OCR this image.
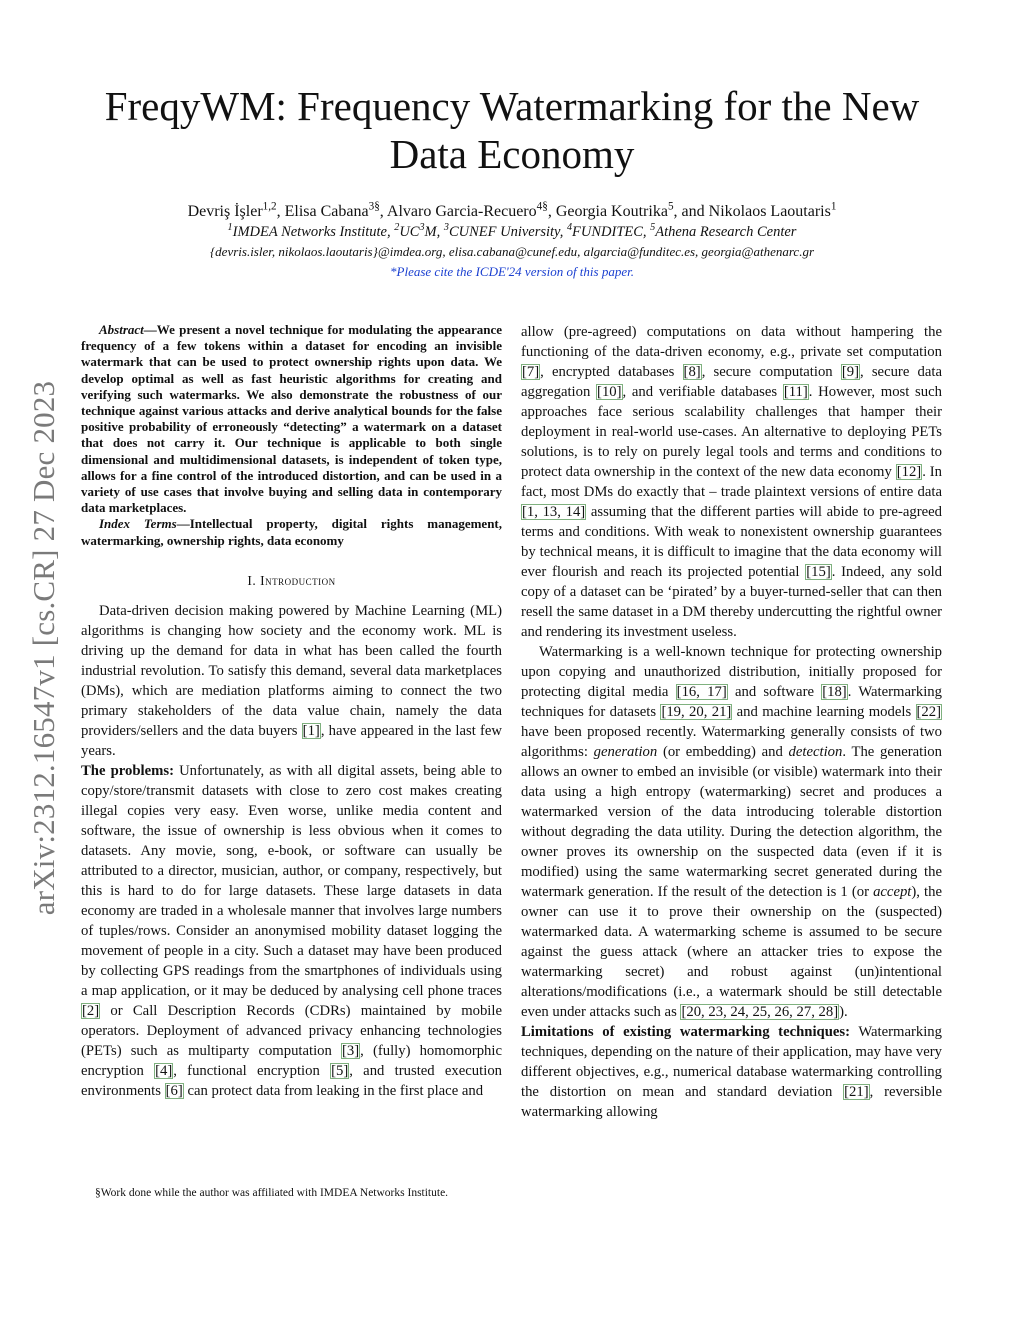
arXiv:2312.16547v1 [cs.CR] 27 Dec 2023
FreqyWM: Frequency Watermarking for the New Data Economy
Devriş İşler$^{1,2}$, Elisa Cabana$^{3\S}$, Alvaro Garcia-Recuero$^{4\S}$, Georgia Koutrika$^5$, and Nikolaos Laoutaris$^1$
$^1$IMDEA Networks Institute, $^2UC^3M$, $^3$CUNEF University, $^4$FUNDITEC, $^5$Athena Research Center
{devris.isler, nikolaos.laoutaris}@imdea.org, elisa.cabana@cunef.edu, algarcia@funditec.es, georgia@athenarc.gr
*Please cite the ICDE'24 version of this paper.

Abstract—We present a novel technique for modulating the appearance frequency of a few tokens within a dataset for encoding an invisible watermark that can be used to protect ownership rights upon data. We develop optimal as well as fast heuristic algorithms for creating and verifying such watermarks. We also demonstrate the robustness of our technique against various attacks and derive analytical bounds for the false positive probability of erroneously “detecting” a watermark on a dataset that does not carry it. Our technique is applicable to both single dimensional and multidimensional datasets, is independent of token type, allows for a fine control of the introduced distortion, and can be used in a variety of use cases that involve buying and selling data in contemporary data marketplaces.

Index Terms—Intellectual property, digital rights management, watermarking, ownership rights, data economy

I. Introduction

Data-driven decision making powered by Machine Learning (ML) algorithms is changing how society and the economy work. ML is driving up the demand for data in what has been called the fourth industrial revolution. To satisfy this demand, several data marketplaces (DMs), which are mediation platforms aiming to connect the two primary stakeholders of the data value chain, namely the data providers/sellers and the data buyers [1], have appeared in the last few years.

The problems: Unfortunately, as with all digital assets, being able to copy/store/transmit datasets with close to zero cost makes creating illegal copies very easy. Even worse, unlike media content and software, the issue of ownership is less obvious when it comes to datasets. Any movie, song, e-book, or software can usually be attributed to a director, musician, author, or company, respectively, but this is hard to do for large datasets. These large datasets in data economy are traded in a wholesale manner that involves large numbers of tuples/rows. Consider an anonymised mobility dataset logging the movement of people in a city. Such a dataset may have been produced by collecting GPS readings from the smartphones of individuals using a map application, or it may be deduced by analysing cell phone traces [2] or Call Description Records (CDRs) maintained by mobile operators. Deployment of advanced privacy enhancing technologies (PETs) such as multiparty computation [3], (fully) homomorphic encryption [4], functional encryption [5], and trusted execution environments [6] can protect data from leaking in the first place and

§Work done while the author was affiliated with IMDEA Networks Institute.

allow (pre-agreed) computations on data without hampering the functioning of the data-driven economy, e.g., private set computation [7], encrypted databases [8], secure computation [9], secure data aggregation [10], and verifiable databases [11]. However, most such approaches face serious scalability challenges that hamper their deployment in real-world use-cases. An alternative to deploying PETs solutions, is to rely on purely legal tools and terms and conditions to protect data ownership in the context of the new data economy [12]. In fact, most DMs do exactly that – trade plaintext versions of entire data [1, 13, 14] assuming that the different parties will abide to pre-agreed terms and conditions. With weak to nonexistent ownership guarantees by technical means, it is difficult to imagine that the data economy will ever flourish and reach its projected potential [15]. Indeed, any sold copy of a dataset can be ‘pirated’ by a buyer-turned-seller that can then resell the same dataset in a DM thereby undercutting the rightful owner and rendering its investment useless.

Watermarking is a well-known technique for protecting ownership upon copying and unauthorized distribution, initially proposed for protecting digital media [16, 17] and software [18]. Watermarking techniques for datasets [19, 20, 21] and machine learning models [22] have been proposed recently. Watermarking generally consists of two algorithms: generation (or embedding) and detection. The generation allows an owner to embed an invisible (or visible) watermark into their data using a high entropy (watermarking) secret and produces a watermarked version of the data introducing tolerable distortion without degrading the data utility. During the detection algorithm, the owner proves its ownership on the suspected data (even if it is modified) using the same watermarking secret generated during the watermark generation. If the result of the detection is 1 (or accept), the owner can use it to prove their ownership on the (suspected) watermarked data. A watermarking scheme is assumed to be secure against the guess attack (where an attacker tries to expose the watermarking secret) and robust against (un)intentional alterations/modifications (i.e., a watermark should be still detectable even under attacks such as [20, 23, 24, 25, 26, 27, 28]).

Limitations of existing watermarking techniques: Watermarking techniques, depending on the nature of their application, may have very different objectives, e.g., numerical database watermarking controlling the distortion on mean and standard deviation [21], reversible watermarking allowing
